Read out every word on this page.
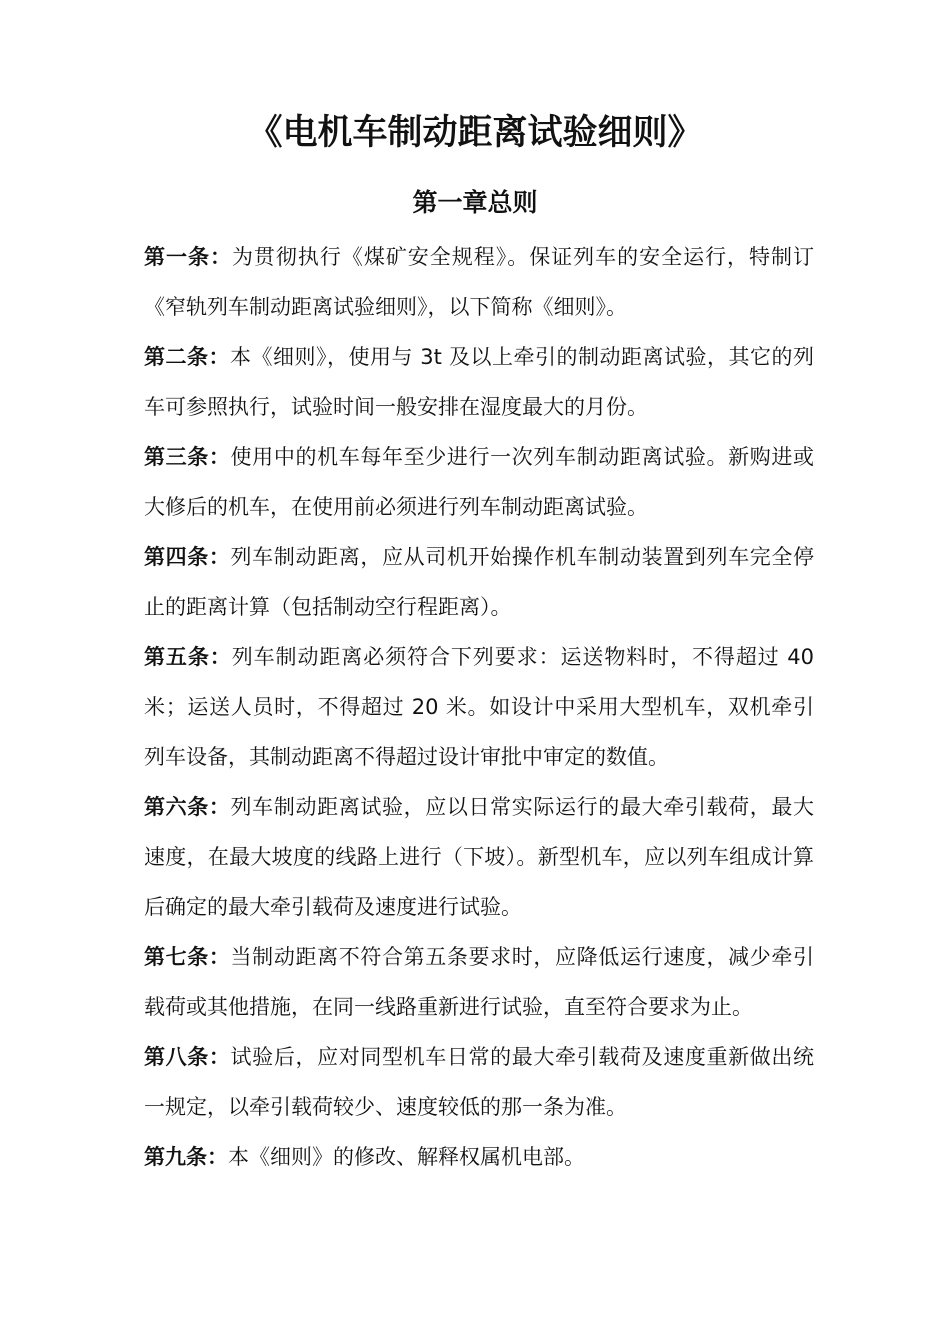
《电机车制动距离试验细则》
第一章总则

第一条：为贯彻执行《煤矿安全规程》。保证列车的安全运行，特制订《窄轨列车制动距离试验细则》，以下简称《细则》。

第二条：本《细则》，使用与 3t 及以上牵引的制动距离试验，其它的列车可参照执行，试验时间一般安排在湿度最大的月份。

第三条：使用中的机车每年至少进行一次列车制动距离试验。新购进或大修后的机车，在使用前必须进行列车制动距离试验。

第四条：列车制动距离，应从司机开始操作机车制动装置到列车完全停止的距离计算（包括制动空行程距离）。

第五条：列车制动距离必须符合下列要求：运送物料时，不得超过 40 米；运送人员时，不得超过 20 米。如设计中采用大型机车，双机牵引列车设备，其制动距离不得超过设计审批中审定的数值。

第六条：列车制动距离试验，应以日常实际运行的最大牵引载荷，最大速度，在最大坡度的线路上进行（下坡）。新型机车，应以列车组成计算后确定的最大牵引载荷及速度进行试验。

第七条：当制动距离不符合第五条要求时，应降低运行速度，减少牵引载荷或其他措施，在同一线路重新进行试验，直至符合要求为止。

第八条：试验后，应对同型机车日常的最大牵引载荷及速度重新做出统一规定，以牵引载荷较少、速度较低的那一条为准。

第九条：本《细则》的修改、解释权属机电部。
